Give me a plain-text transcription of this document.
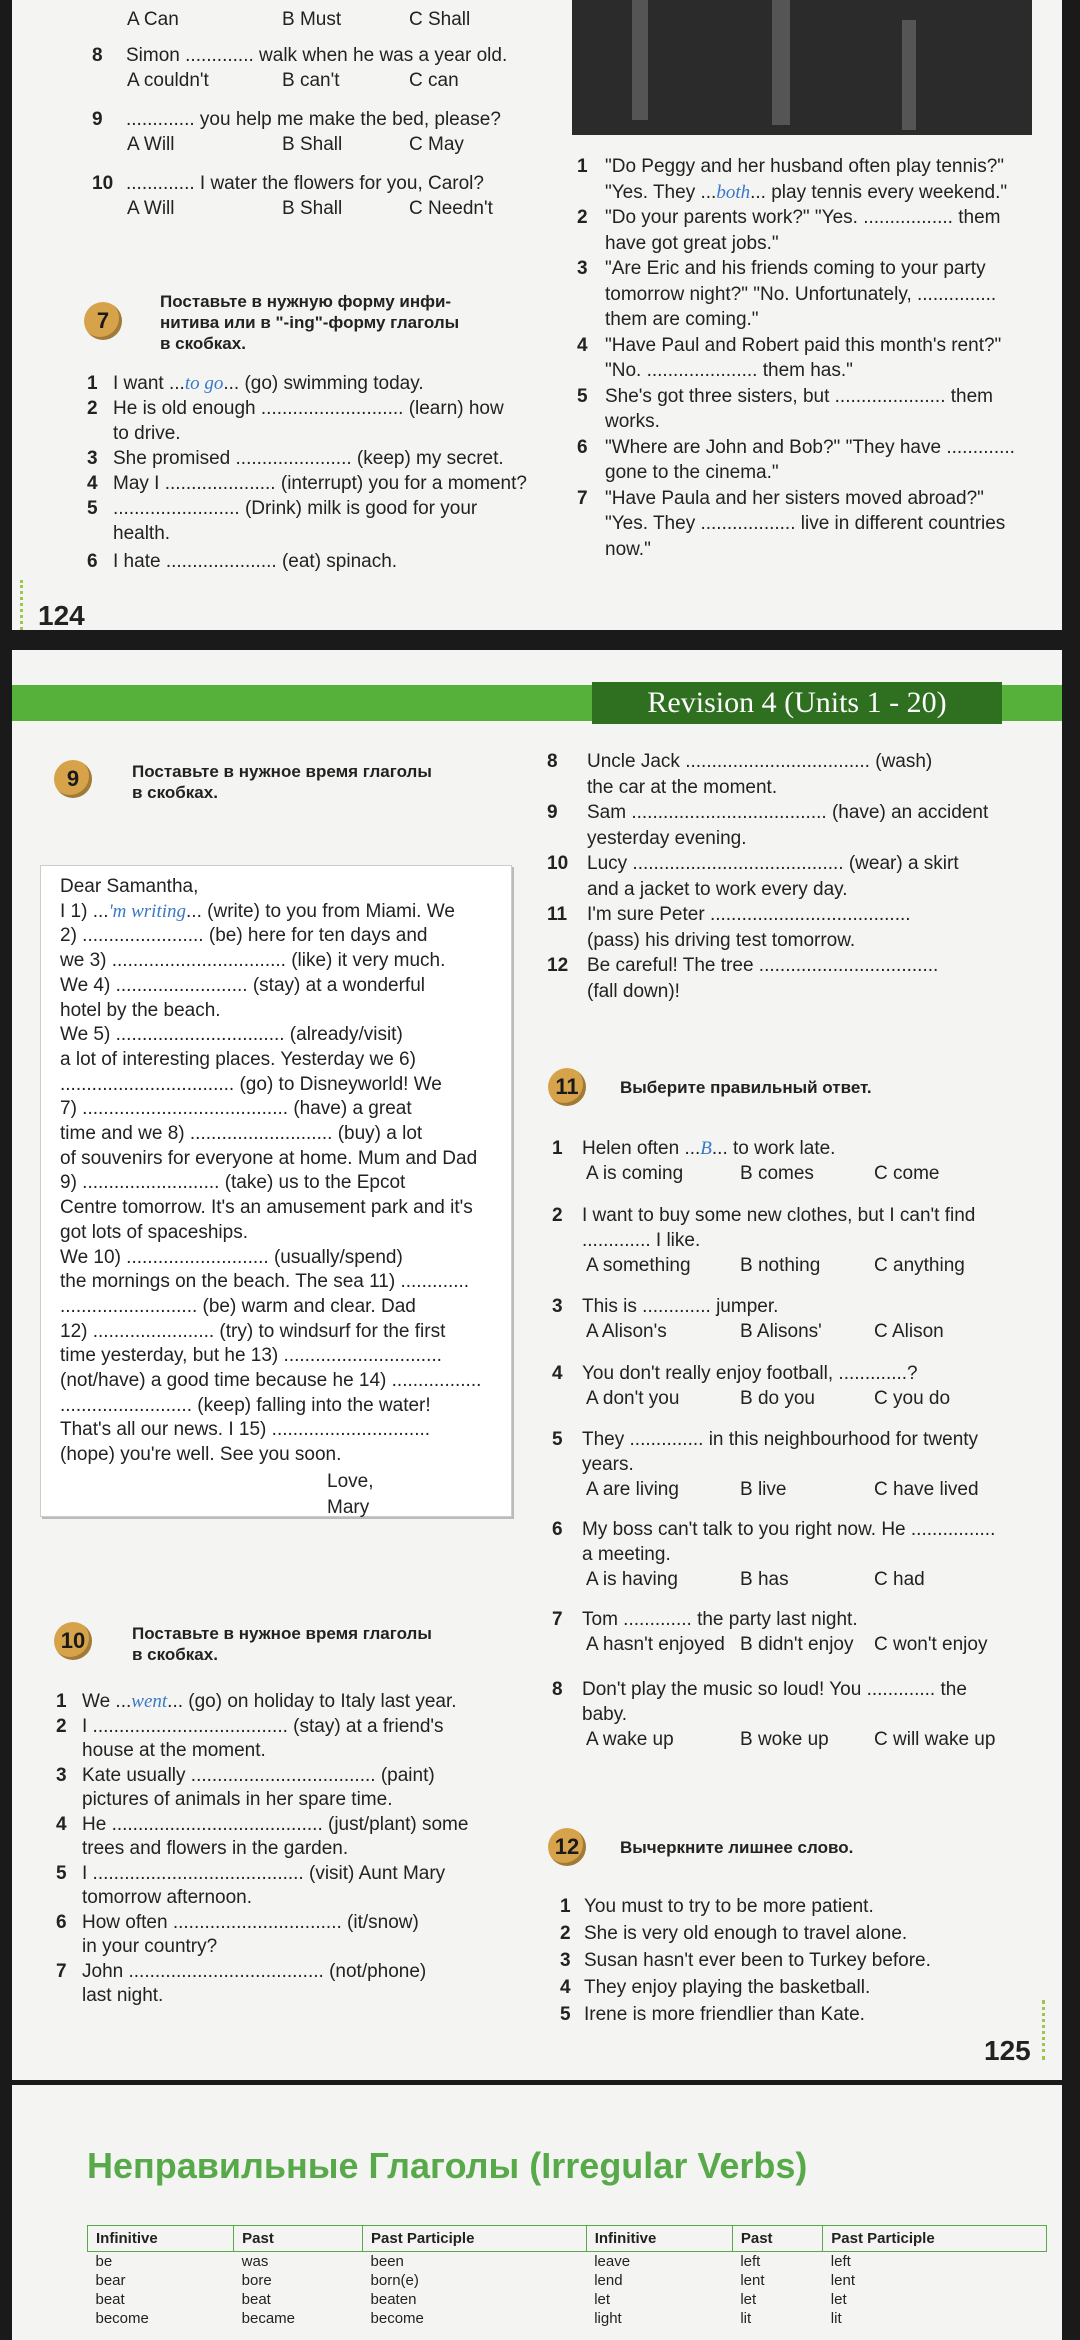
A Can	B Must	C Shall
8 Simon ............. walk when he was a year old.
A couldn't	B can't	C can
9 ............. you help me make the bed, please?
A Will	B Shall	C May
10 ............. I water the flowers for you, Carol?
A Will	B Shall	C Needn't
1 I want ...to go... (go) swimming today.
2 He is old enough ........................... (learn) how
to drive.
3 She promised ...................... (keep) my secret.
4 May I ..................... (interrupt) you for a moment?
5 ........................ (Drink) milk is good for your
health.
6 I hate ..................... (eat) spinach.
1 "Do Peggy and her husband often play tennis?"
"Yes. They ...both... play tennis every weekend."
2 "Do your parents work?" "Yes. ................. them
have got great jobs."
3 "Are Eric and his friends coming to your party
tomorrow night?" "No. Unfortunately, ...............
them are coming."
4 "Have Paul and Robert paid this month's rent?"
"No. ..................... them has."
5 She's got three sisters, but ..................... them
works.
6 "Where are John and Bob?" "They have .............
gone to the cinema."
7 "Have Paula and her sisters moved abroad?"
"Yes. They .................. live in different countries
now."
7
Поставьте в нужную форму инфи-
нитива или в "-ing"-форму глаголы
в скобках.
124
Revision 4 (Units 1 - 20)
9	Поставьте в нужное время глаголы
в скобках.
Dear Samantha,
I 1) ...'m writing... (write) to you from Miami. We
2) ....................... (be) here for ten days and
we 3) ................................. (like) it very much.
We 4) ......................... (stay) at a wonderful
hotel by the beach.
We 5) ................................ (already/visit)
a lot of interesting places. Yesterday we 6)
................................. (go) to Disneyworld! We
7) ....................................... (have) a great
time and we 8) ........................... (buy) a lot
of souvenirs for everyone at home. Mum and Dad
9) .......................... (take) us to the Epcot
Centre tomorrow. It's an amusement park and it's
got lots of spaceships.
We 10) ........................... (usually/spend)
the mornings on the beach. The sea 11) .............
.......................... (be) warm and clear. Dad
12) ....................... (try) to windsurf for the first
time yesterday, but he 13) ..............................
(not/have) a good time because he 14) .................
......................... (keep) falling into the water!
That's all our news. I 15) ..............................
(hope) you're well. See you soon.
Love,
Mary
10	Поставьте в нужное время глаголы
в скобках.
1 We ...went... (go) on holiday to Italy last year.
2 I ..................................... (stay) at a friend's
house at the moment.
3 Kate usually ................................... (paint)
pictures of animals in her spare time.
4 He ........................................ (just/plant) some
trees and flowers in the garden.
5 I ........................................ (visit) Aunt Mary
tomorrow afternoon.
6 How often ................................ (it/snow)
in your country?
7 John ..................................... (not/phone)
last night.
8 Uncle Jack ................................... (wash)
the car at the moment.
9 Sam ..................................... (have) an accident
yesterday evening.
10 Lucy ........................................ (wear) a skirt
and a jacket to work every day.
11 I'm sure Peter ......................................
(pass) his driving test tomorrow.
12 Be careful! The tree ..................................
(fall down)!
11	Выберите правильный ответ.
1 Helen often ...B... to work late.
A is coming	B comes	C come
2 I want to buy some new clothes, but I can't find
............. I like.
A something	B nothing	C anything
3 This is ............. jumper.
A Alison's	B Alisons'	C Alison
4 You don't really enjoy football, .............?
A don't you	B do you	C you do
5 They .............. in this neighbourhood for twenty
years.
A are living	B live	C have lived
6 My boss can't talk to you right now. He ................
a meeting.
A is having	B has	C had
7 Tom ............. the party last night.
A hasn't enjoyed B didn't enjoy C won't enjoy
8 Don't play the music so loud! You ............. the
baby.
A wake up	B woke up C will wake up
12	Вычеркните лишнее слово.
1 You must to try to be more patient.
2 She is very old enough to travel alone.
3 Susan hasn't ever been to Turkey before.
4 They enjoy playing the basketball.
5 Irene is more friendlier than Kate.
125
Неправильные Глаголы (Irregular Verbs)
Infinitive	Past	Past Participle	Infinitive	Past	Past Participle
be	was	been	leave	left	left
bear	bore	born(e)	lend	lent	lent
beat	beat	beaten	let	let	let
become	became	become	light	lit	lit
